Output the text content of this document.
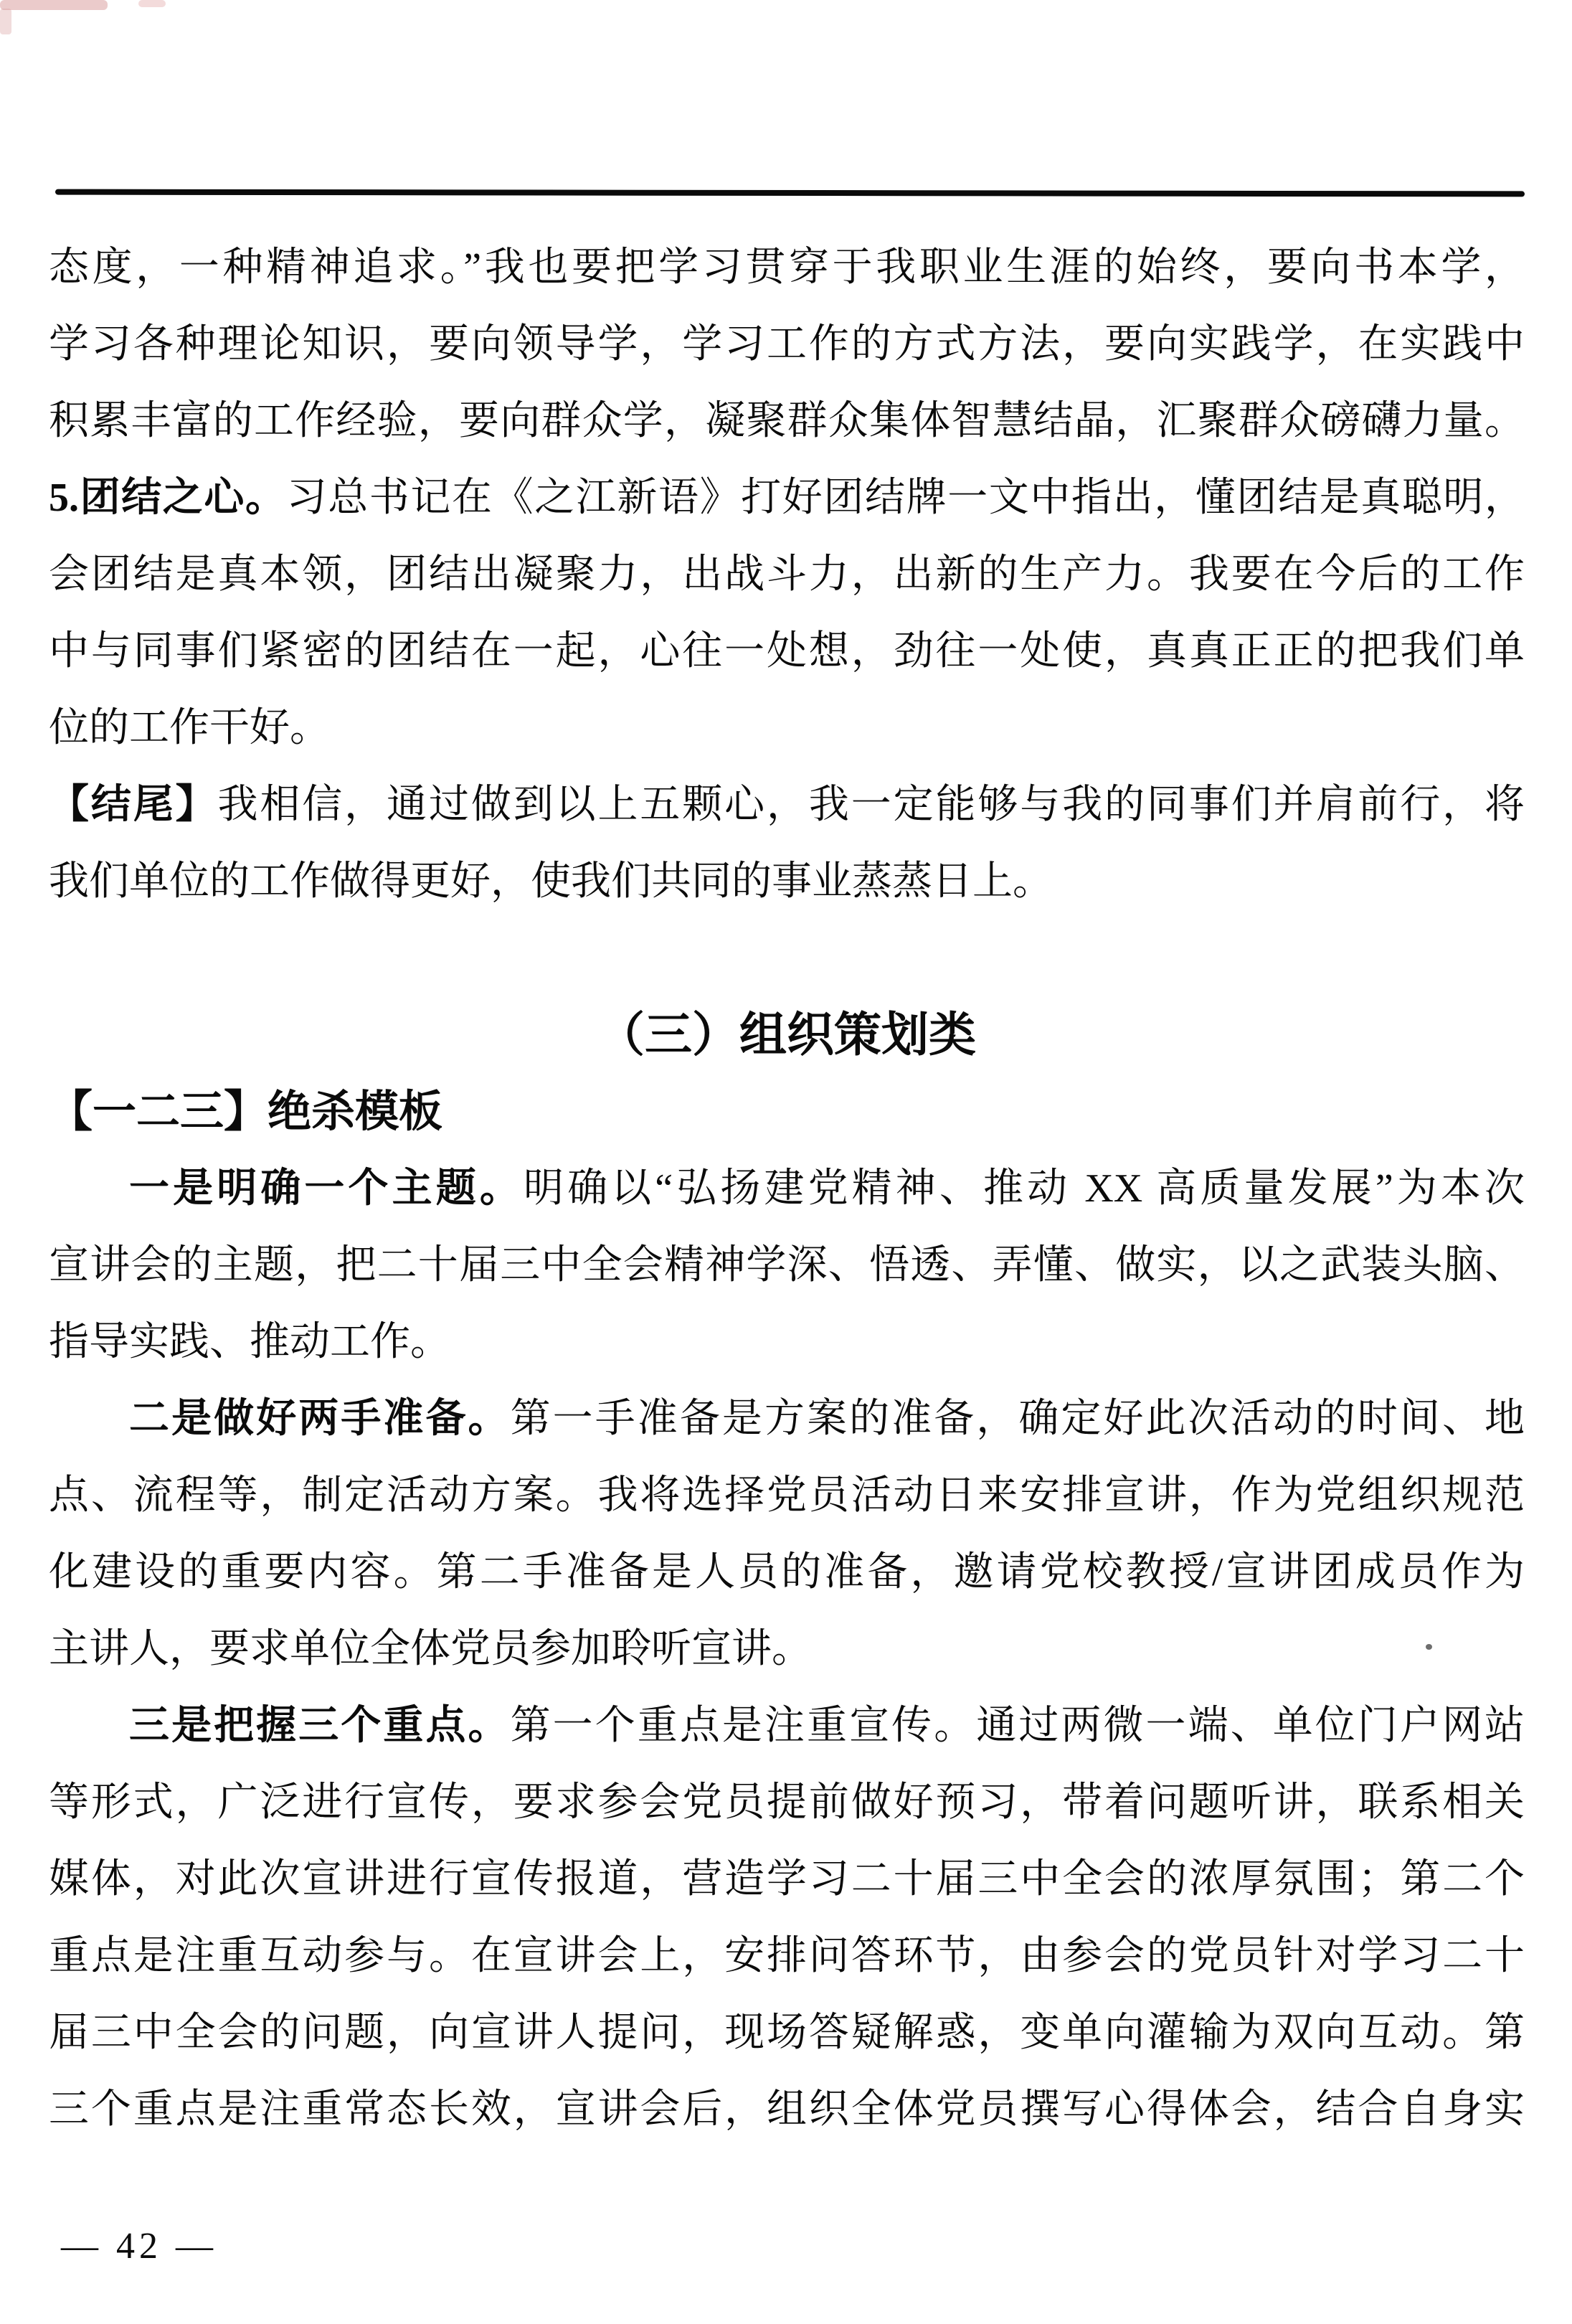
态度，一种精神追求。”我也要把学习贯穿于我职业生涯的始终，要向书本学，
学习各种理论知识，要向领导学，学习工作的方式方法，要向实践学，在实践中
积累丰富的工作经验，要向群众学，凝聚群众集体智慧结晶，汇聚群众磅礴力量。
5.团结之心。习总书记在《之江新语》打好团结牌一文中指出，懂团结是真聪明，
会团结是真本领，团结出凝聚力，出战斗力，出新的生产力。我要在今后的工作
中与同事们紧密的团结在一起，心往一处想，劲往一处使，真真正正的把我们单
位的工作干好。
【结尾】我相信，通过做到以上五颗心，我一定能够与我的同事们并肩前行，将
我们单位的工作做得更好，使我们共同的事业蒸蒸日上。
（三）组织策划类
【一二三】绝杀模板
一是明确一个主题。明确以“弘扬建党精神、推动 XX 高质量发展”为本次
宣讲会的主题，把二十届三中全会精神学深、悟透、弄懂、做实，以之武装头脑、
指导实践、推动工作。
二是做好两手准备。第一手准备是方案的准备，确定好此次活动的时间、地
点、流程等，制定活动方案。我将选择党员活动日来安排宣讲，作为党组织规范
化建设的重要内容。第二手准备是人员的准备，邀请党校教授/宣讲团成员作为
主讲人，要求单位全体党员参加聆听宣讲。
三是把握三个重点。第一个重点是注重宣传。通过两微一端、单位门户网站
等形式，广泛进行宣传，要求参会党员提前做好预习，带着问题听讲，联系相关
媒体，对此次宣讲进行宣传报道，营造学习二十届三中全会的浓厚氛围；第二个
重点是注重互动参与。在宣讲会上，安排问答环节，由参会的党员针对学习二十
届三中全会的问题，向宣讲人提问，现场答疑解惑，变单向灌输为双向互动。第
三个重点是注重常态长效，宣讲会后，组织全体党员撰写心得体会，结合自身实
— 42 —
